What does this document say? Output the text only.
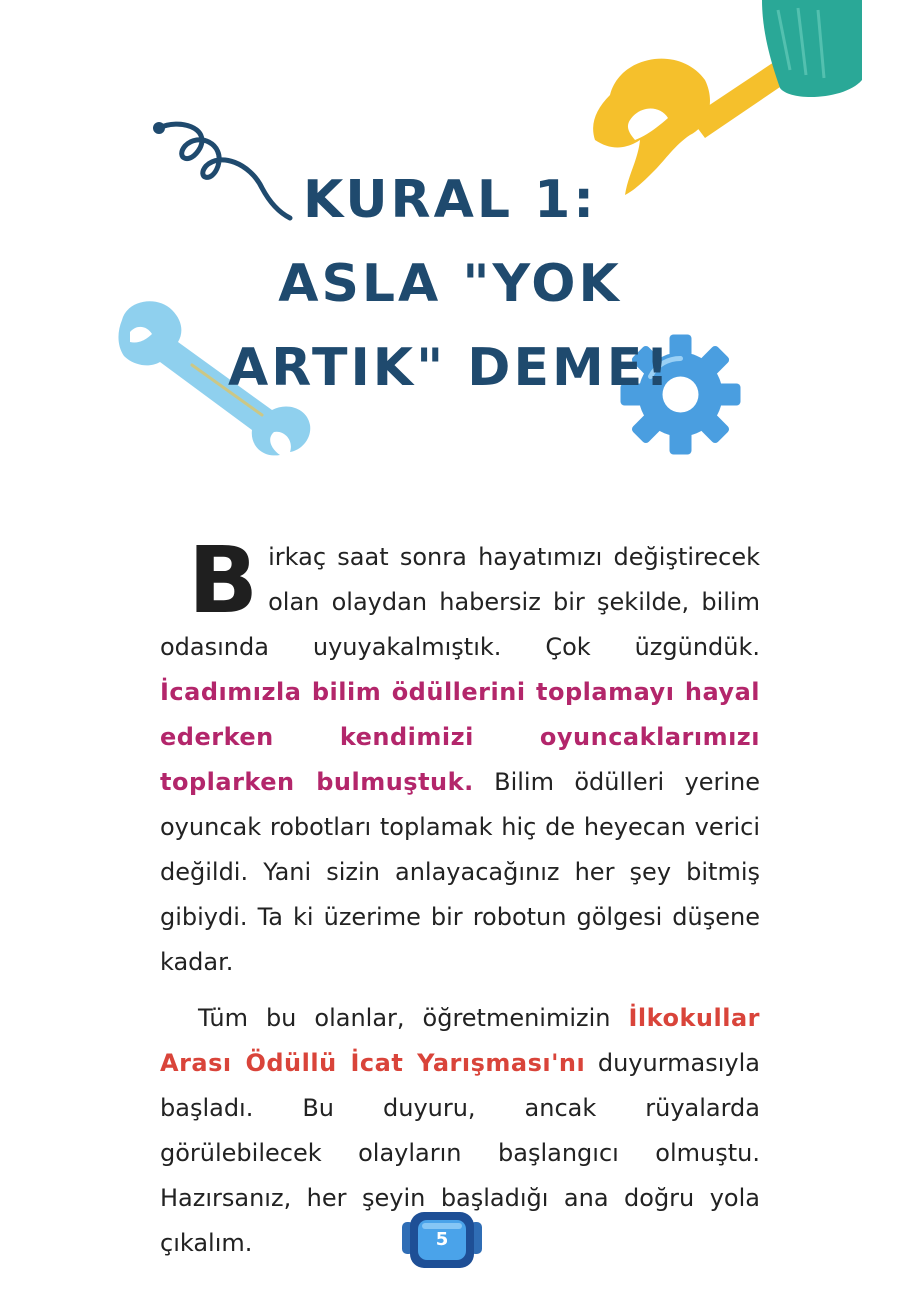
KURAL 1:
ASLA "YOK
ARTIK" DEME!

Birkaç saat sonra hayatımızı değiştirecek olan olaydan habersiz bir şekilde, bilim odasında uyuyakalmıştık. Çok üzgündük. İcadımızla bilim ödüllerini toplamayı hayal ederken kendimizi oyuncaklarımızı toplarken bulmuştuk. Bilim ödülleri yerine oyuncak robotları toplamak hiç de heyecan verici değildi. Yani sizin anlayacağınız her şey bitmiş gibiydi. Ta ki üzerime bir robotun gölgesi düşene kadar.

Tüm bu olanlar, öğretmenimizin İlkokullar Arası Ödüllü İcat Yarışması'nı duyurmasıyla başladı. Bu duyuru, ancak rüyalarda görülebilecek olayların başlangıcı olmuştu. Hazırsanız, her şeyin başladığı ana doğru yola çıkalım.	5
